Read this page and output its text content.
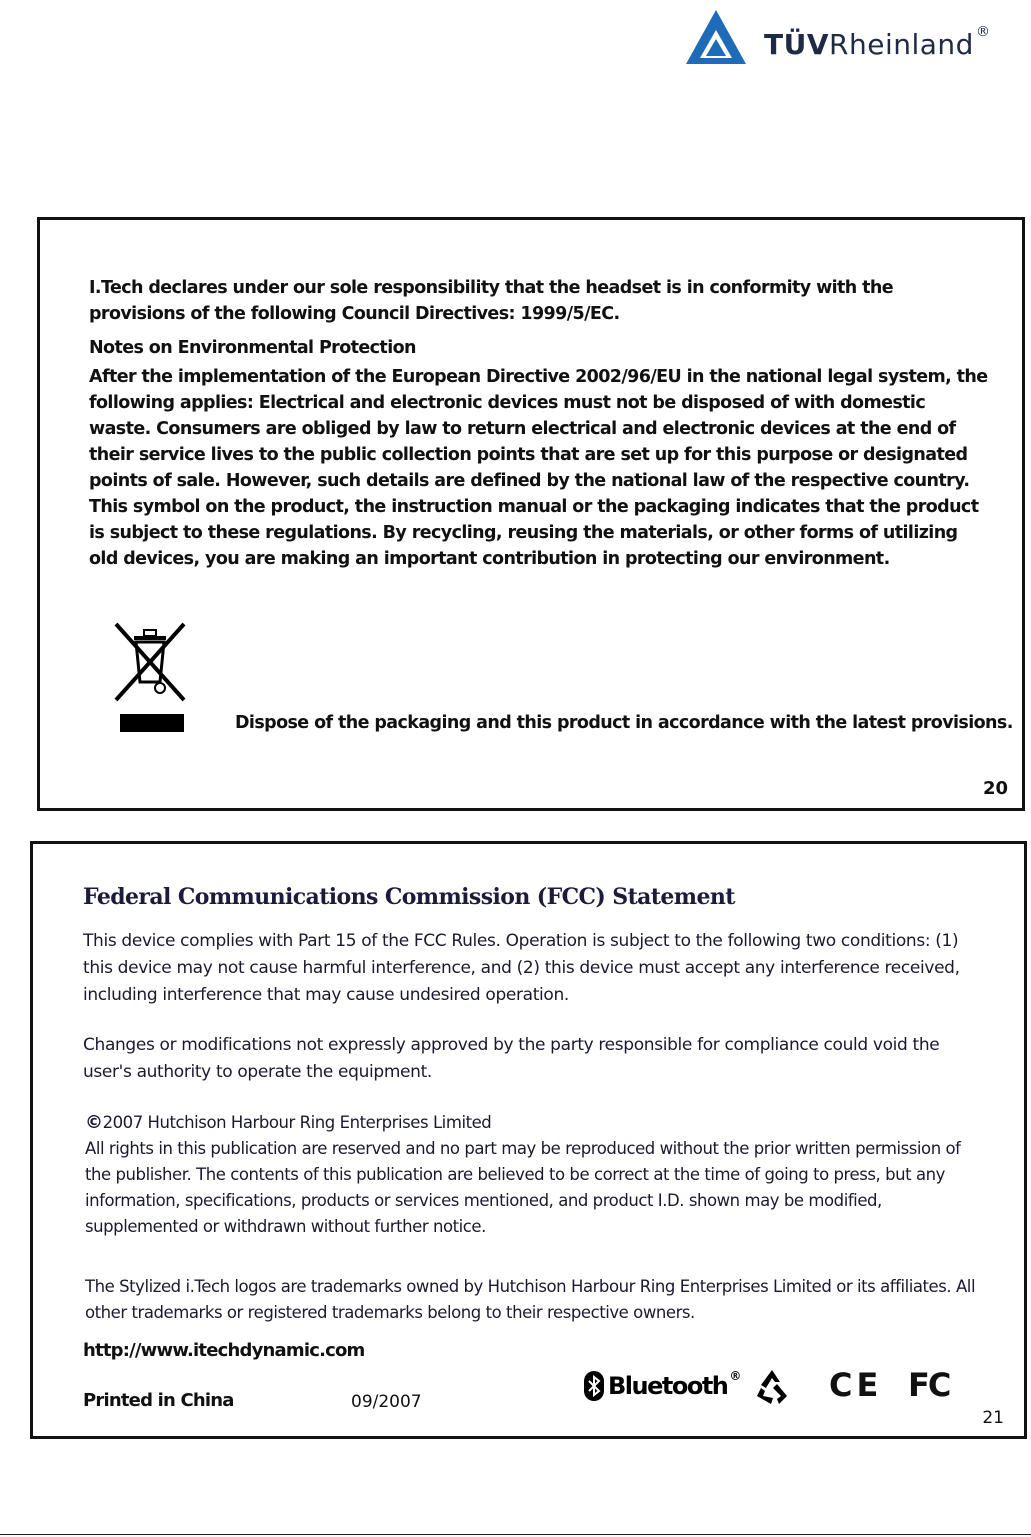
TÜVRheinland ®
I.Tech declares under our sole responsibility that the headset is in conformity with the provisions of the following Council Directives: 1999/5/EC.
Notes on Environmental Protection
After the implementation of the European Directive 2002/96/EU in the national legal system, the following applies: Electrical and electronic devices must not be disposed of with domestic waste. Consumers are obliged by law to return electrical and electronic devices at the end of their service lives to the public collection points that are set up for this purpose or designated points of sale. However, such details are defined by the national law of the respective country. This symbol on the product, the instruction manual or the packaging indicates that the product is subject to these regulations. By recycling, reusing the materials, or other forms of utilizing old devices, you are making an important contribution in protecting our environment.
Dispose of the packaging and this product in accordance with the latest provisions.
20
Federal Communications Commission (FCC) Statement
This device complies with Part 15 of the FCC Rules. Operation is subject to the following two conditions: (1) this device may not cause harmful interference, and (2) this device must accept any interference received, including interference that may cause undesired operation.
Changes or modifications not expressly approved by the party responsible for compliance could void the user's authority to operate the equipment.
©2007 Hutchison Harbour Ring Enterprises Limited
All rights in this publication are reserved and no part may be reproduced without the prior written permission of the publisher. The contents of this publication are believed to be correct at the time of going to press, but any information, specifications, products or services mentioned, and product I.D. shown may be modified, supplemented or withdrawn without further notice.
The Stylized i.Tech logos are trademarks owned by Hutchison Harbour Ring Enterprises Limited or its affiliates. All other trademarks or registered trademarks belong to their respective owners.
http://www.itechdynamic.com
Printed in China	09/2007
Bluetooth ®	CE FC
21
